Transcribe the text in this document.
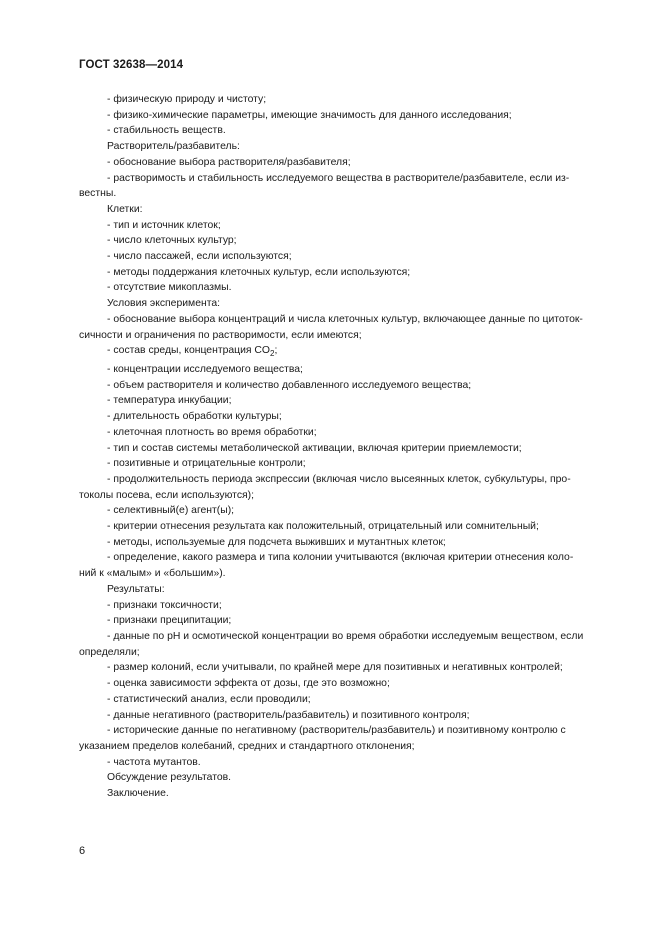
ГОСТ 32638—2014
- физическую природу и чистоту;
- физико-химические параметры, имеющие значимость для данного исследования;
- стабильность веществ.
Растворитель/разбавитель:
- обоснование выбора растворителя/разбавителя;
- растворимость и стабильность исследуемого вещества в растворителе/разбавителе, если из-
вестны.
Клетки:
- тип и источник клеток;
- число клеточных культур;
- число пассажей, если используются;
- методы поддержания клеточных культур, если используются;
- отсутствие микоплазмы.
Условия эксперимента:
- обоснование выбора концентраций и числа клеточных культур, включающее данные по цитоток-
сичности и ограничения по растворимости, если имеются;
- состав среды, концентрация $CO_2$;
- концентрации исследуемого вещества;
- объем растворителя и количество добавленного исследуемого вещества;
- температура инкубации;
- длительность обработки культуры;
- клеточная плотность во время обработки;
- тип и состав системы метаболической активации, включая критерии приемлемости;
- позитивные и отрицательные контроли;
- продолжительность периода экспрессии (включая число высеянных клеток, субкультуры, про-
токолы посева, если используются);
- селективный(е) агент(ы);
- критерии отнесения результата как положительный, отрицательный или сомнительный;
- методы, используемые для подсчета выживших и мутантных клеток;
- определение, какого размера и типа колонии учитываются (включая критерии отнесения коло-
ний к «малым» и «большим»).
Результаты:
- признаки токсичности;
- признаки преципитации;
- данные по pH и осмотической концентрации во время обработки исследуемым веществом, если
определяли;
- размер колоний, если учитывали, по крайней мере для позитивных и негативных контролей;
- оценка зависимости эффекта от дозы, где это возможно;
- статистический анализ, если проводили;
- данные негативного (растворитель/разбавитель) и позитивного контроля;
- исторические данные по негативному (растворитель/разбавитель) и позитивному контролю с
указанием пределов колебаний, средних и стандартного отклонения;
- частота мутантов.
Обсуждение результатов.
Заключение.
6
